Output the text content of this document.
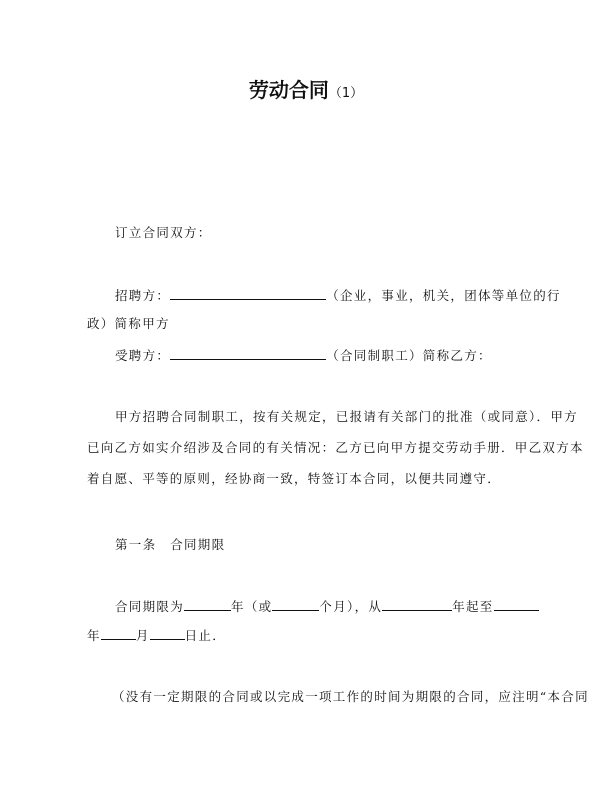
劳动合同（1）
订立合同双方：
招聘方：	（企业，事业，机关，团体等单位的行
政）简称甲方
受聘方：	（合同制职工）简称乙方：
甲方招聘合同制职工，按有关规定，已报请有关部门的批准（或同意）．甲方
已向乙方如实介绍涉及合同的有关情况：乙方已向甲方提交劳动手册．甲乙双方本
着自愿、平等的原则，经协商一致，特签订本合同，以便共同遵守．
第一条　合同期限
合同期限为	年（或	个月），从	年起至
年	月	日止．
（没有一定期限的合同或以完成一项工作的时间为期限的合同，应注明“本合同
